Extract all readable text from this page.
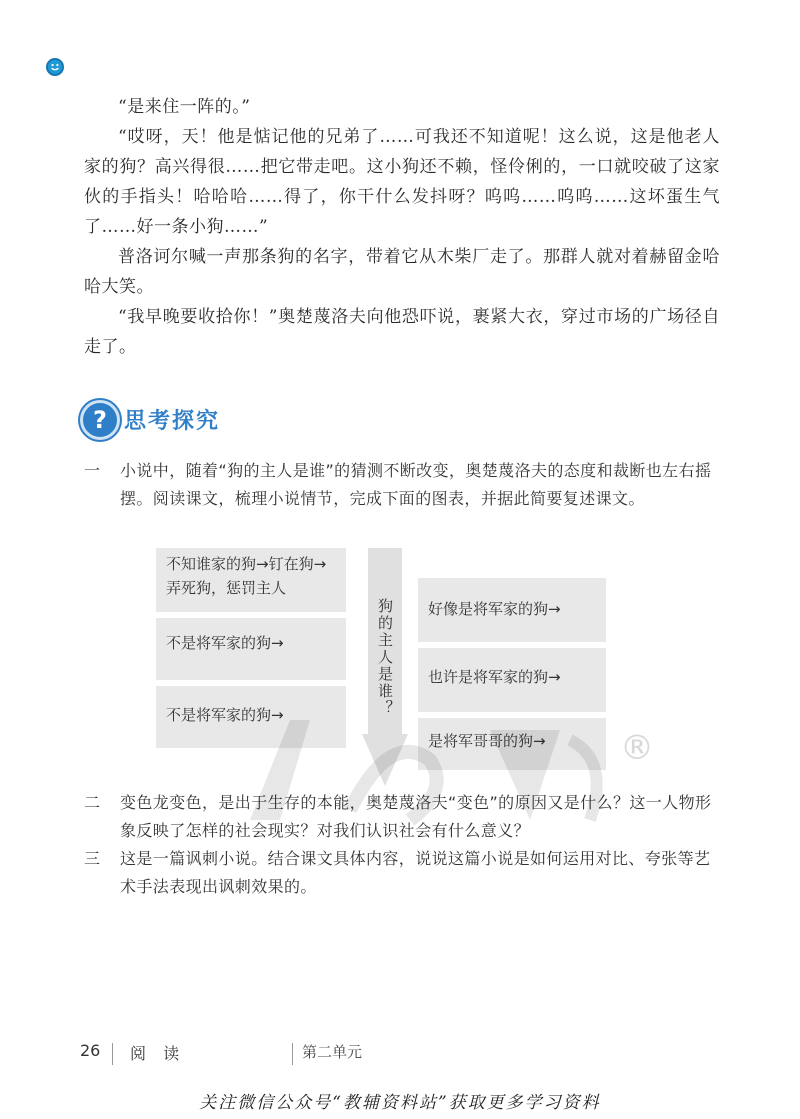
“是来住一阵的。”

“哎呀，天！他是惦记他的兄弟了……可我还不知道呢！这么说，这是他老人家的狗？高兴得很……把它带走吧。这小狗还不赖，怪伶俐的，一口就咬破了这家伙的手指头！哈哈哈……得了，你干什么发抖呀？呜呜……呜呜……这坏蛋生气了……好一条小狗……”

普洛诃尔喊一声那条狗的名字，带着它从木柴厂走了。那群人就对着赫留金哈哈大笑。

“我早晚要收拾你！”奥楚蔑洛夫向他恐吓说，裹紧大衣，穿过市场的广场径自走了。

? 思考探究
一 小说中，随着“狗的主人是谁”的猜测不断改变，奥楚蔑洛夫的态度和裁断也左右摇摆。阅读课文，梳理小说情节，完成下面的图表，并据此简要复述课文。
不知谁家的狗→钉在狗→弄死狗，惩罚主人
不是将军家的狗→
不是将军家的狗→	狗的主人是谁？	好像是将军家的狗→
也许是将军家的狗→
是将军哥哥的狗→	®
二 变色龙变色，是出于生存的本能，奥楚蔑洛夫“变色”的原因又是什么？这一人物形象反映了怎样的社会现实？对我们认识社会有什么意义？
三 这是一篇讽刺小说。结合课文具体内容，说说这篇小说是如何运用对比、夸张等艺术手法表现出讽刺效果的。
26 阅 读	第二单元
关注微信公众号“教辅资料站”获取更多学习资料
